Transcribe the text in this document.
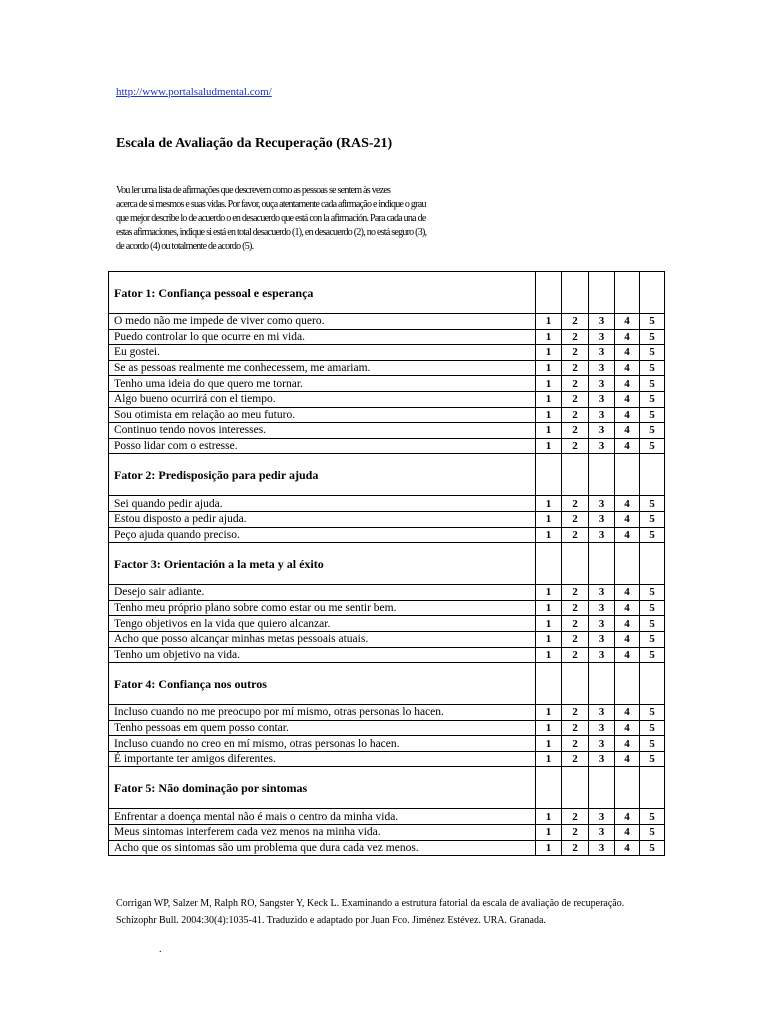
http://www.portalsaludmental.com/
Escala de Avaliação da Recuperação (RAS-21)
Vou ler uma lista de afirmações que descrevem como as pessoas se sentem às vezes
acerca de si mesmos e suas vidas. Por favor, ouça atentamente cada afirmação e indique o grau
que mejor describe lo de acuerdo o en desacuerdo que está con la afirmación. Para cada una de
estas afirmaciones, indique si está en total desacuerdo (1), en desacuerdo (2), no está seguro (3),
de acordo (4) ou totalmente de acordo (5).
Fator 1: Confiança pessoal e esperança					
O medo não me impede de viver como quero.	1	2	3	4	5
Puedo controlar lo que ocurre en mi vida.	1	2	3	4	5
Eu gostei.	1	2	3	4	5
Se as pessoas realmente me conhecessem, me amariam.	1	2	3	4	5
Tenho uma ideia do que quero me tornar.	1	2	3	4	5
Algo bueno ocurrirá con el tiempo.	1	2	3	4	5
Sou otimista em relação ao meu futuro.	1	2	3	4	5
Continuo tendo novos interesses.	1	2	3	4	5
Posso lidar com o estresse.	1	2	3	4	5
Fator 2: Predisposição para pedir ajuda					
Sei quando pedir ajuda.	1	2	3	4	5
Estou disposto a pedir ajuda.	1	2	3	4	5
Peço ajuda quando preciso.	1	2	3	4	5
Factor 3: Orientación a la meta y al éxito					
Desejo sair adiante.	1	2	3	4	5
Tenho meu próprio plano sobre como estar ou me sentir bem.	1	2	3	4	5
Tengo objetivos en la vida que quiero alcanzar.	1	2	3	4	5
Acho que posso alcançar minhas metas pessoais atuais.	1	2	3	4	5
Tenho um objetivo na vida.	1	2	3	4	5
Fator 4: Confiança nos outros					
Incluso cuando no me preocupo por mí mismo, otras personas lo hacen.	1	2	3	4	5
Tenho pessoas em quem posso contar.	1	2	3	4	5
Incluso cuando no creo en mí mismo, otras personas lo hacen.	1	2	3	4	5
É importante ter amigos diferentes.	1	2	3	4	5
Fator 5: Não dominação por sintomas					
Enfrentar a doença mental não é mais o centro da minha vida.	1	2	3	4	5
Meus sintomas interferem cada vez menos na minha vida.	1	2	3	4	5
Acho que os sintomas são um problema que dura cada vez menos.	1	2	3	4	5
Corrigan WP, Salzer M, Ralph RO, Sangster Y, Keck L. Examinando a estrutura fatorial da escala de avaliação de recuperação.
Schizophr Bull. 2004:30(4):1035-41. Traduzido e adaptado por Juan Fco. Jiménez Estévez. URA. Granada.
.
